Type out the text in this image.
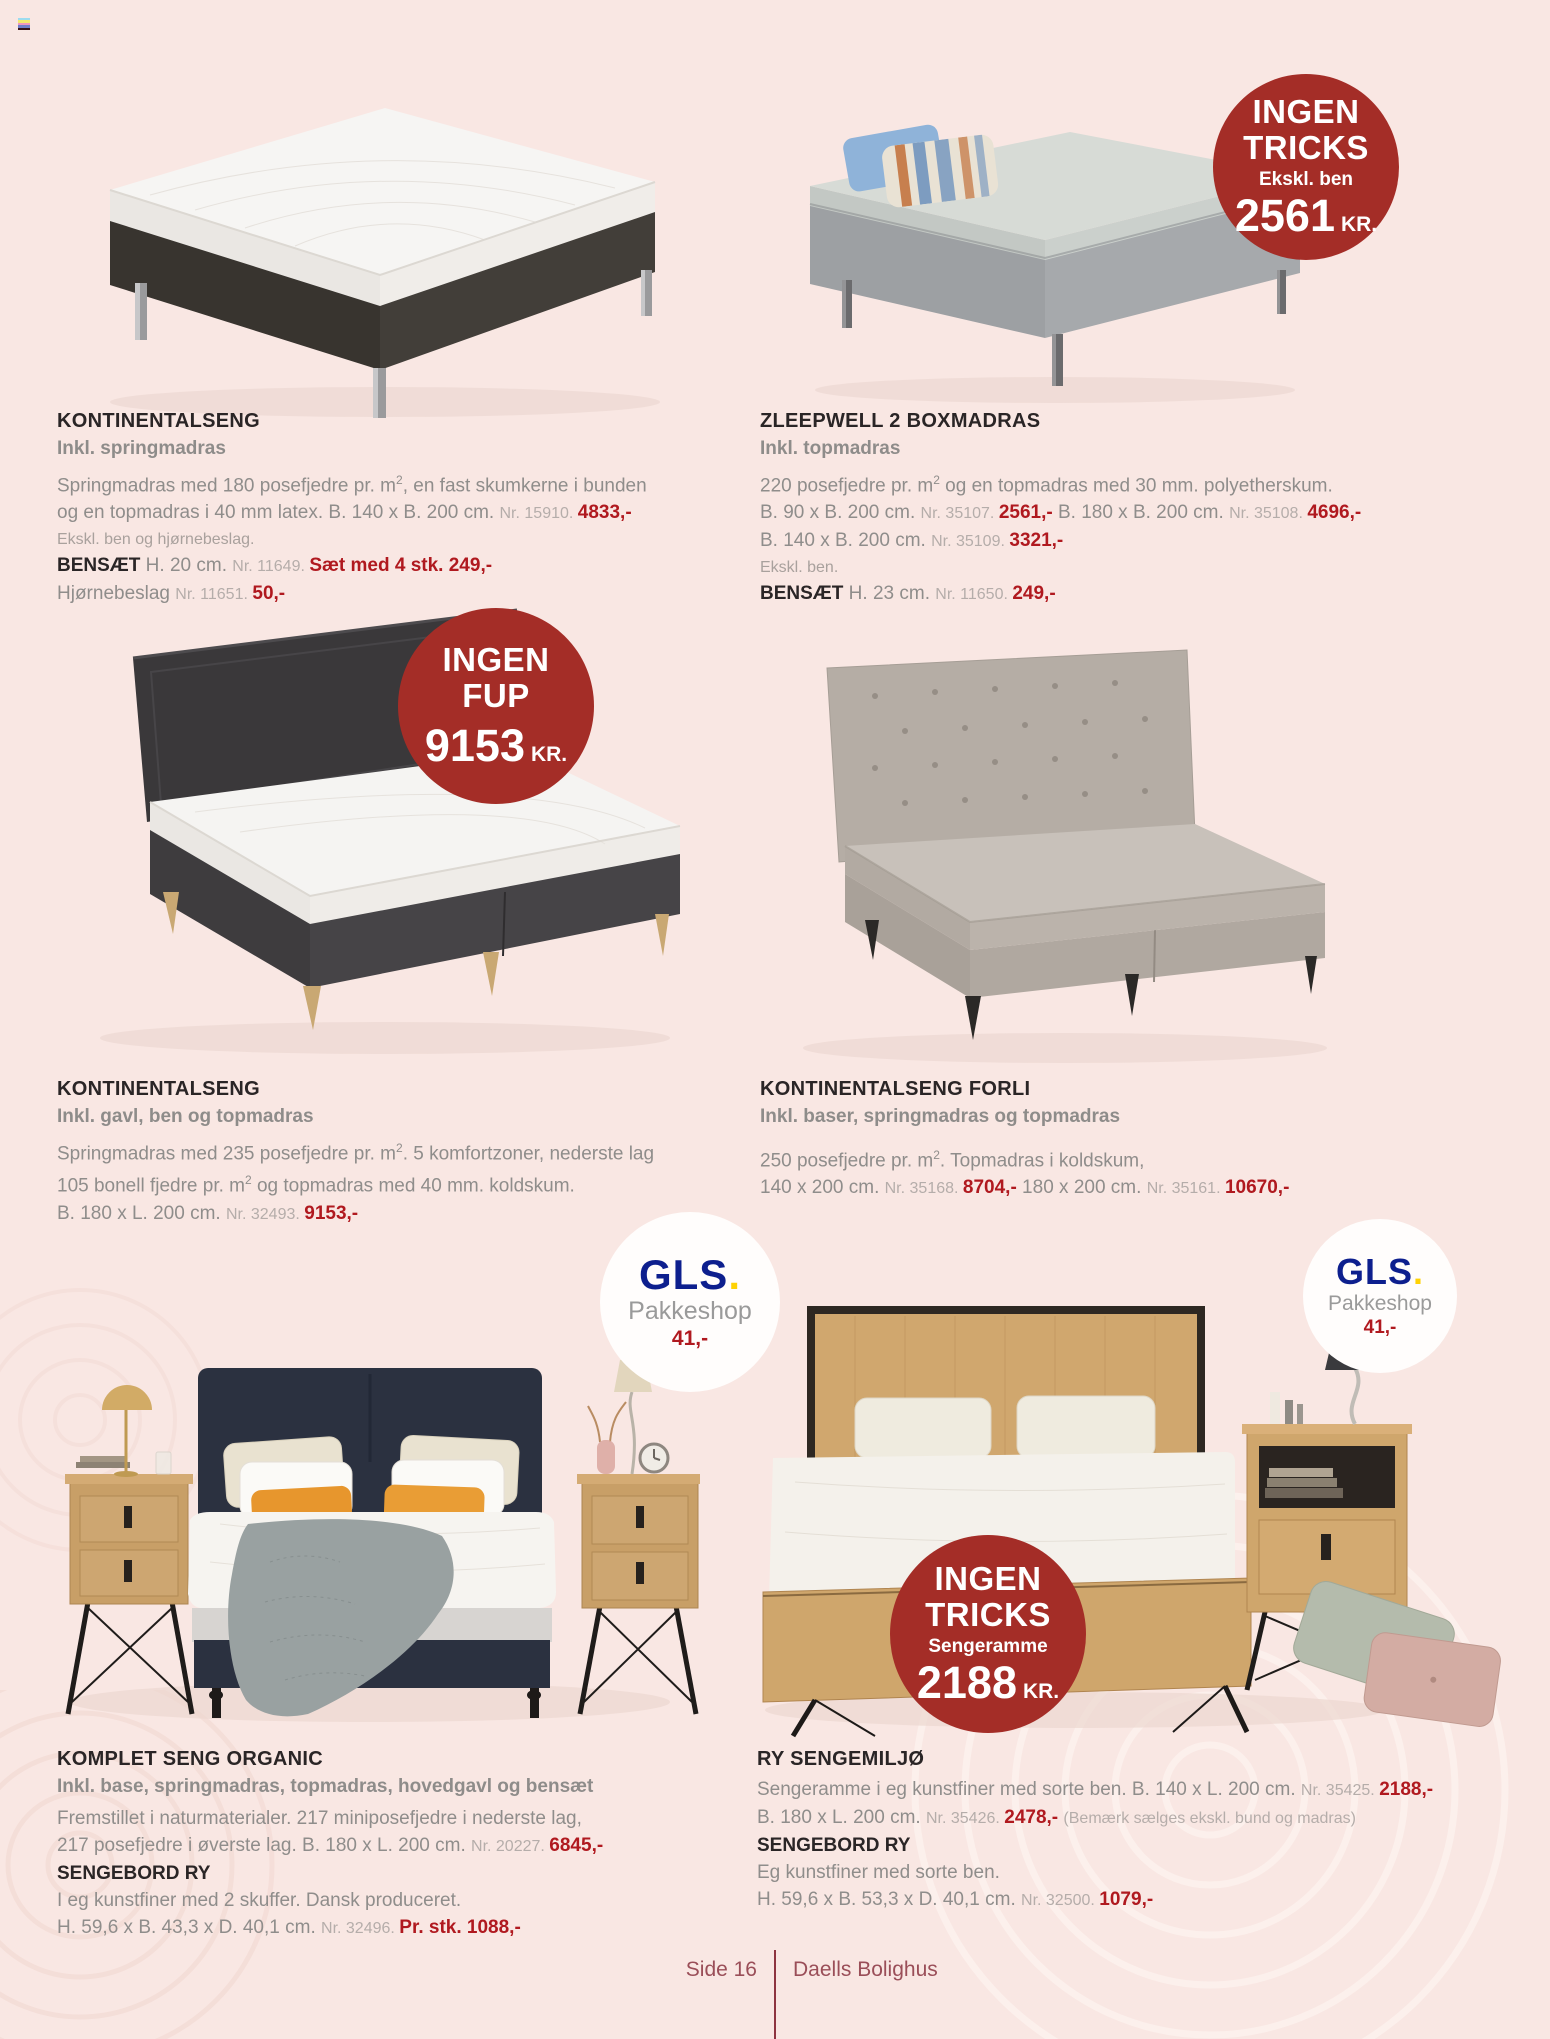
INGEN
TRICKS
Ekskl. ben
2561 KR.
INGEN
FUP
9153 KR.
GLS.
Pakkeshop
41,-
GLS.
Pakkeshop
41,-
INGEN
TRICKS
Sengeramme
2188 KR.
KONTINENTALSENG
Inkl. springmadras

Springmadras med 180 posefjedre pr. $m^2$, en fast skumkerne i bunden

og en topmadras i 40 mm latex. B. 140 x B. 200 cm. Nr. 15910. 4833,-

Ekskl. ben og hjørnebeslag.

BENSÆT H. 20 cm. Nr. 11649. Sæt med 4 stk. 249,-

Hjørnebeslag Nr. 11651. 50,-

ZLEEPWELL 2 BOXMADRAS
Inkl. topmadras

220 posefjedre pr. $m^2$ og en topmadras med 30 mm. polyetherskum.

B. 90 x B. 200 cm. Nr. 35107. 2561,- B. 180 x B. 200 cm. Nr. 35108. 4696,-

B. 140 x B. 200 cm. Nr. 35109. 3321,-

Ekskl. ben.

BENSÆT H. 23 cm. Nr. 11650. 249,-

KONTINENTALSENG
Inkl. gavl, ben og topmadras

Springmadras med 235 posefjedre pr. $m^2$. 5 komfortzoner, nederste lag

105 bonell fjedre pr. $m^2$ og topmadras med 40 mm. koldskum.

B. 180 x L. 200 cm. Nr. 32493. 9153,-

KONTINENTALSENG FORLI
Inkl. baser, springmadras og topmadras

250 posefjedre pr. $m^2$. Topmadras i koldskum,

140 x 200 cm. Nr. 35168. 8704,- 180 x 200 cm. Nr. 35161. 10670,-

KOMPLET SENG ORGANIC
Inkl. base, springmadras, topmadras, hovedgavl og bensæt

Fremstillet i naturmaterialer. 217 miniposefjedre i nederste lag,

217 posefjedre i øverste lag. B. 180 x L. 200 cm. Nr. 20227. 6845,-

SENGEBORD RY

I eg kunstfiner med 2 skuffer. Dansk produceret.

H. 59,6 x B. 43,3 x D. 40,1 cm. Nr. 32496. Pr. stk. 1088,-

RY SENGEMILJØ

Sengeramme i eg kunstfiner med sorte ben. B. 140 x L. 200 cm. Nr. 35425. 2188,-

B. 180 x L. 200 cm. Nr. 35426. 2478,- (Bemærk sælges ekskl. bund og madras)

SENGEBORD RY

Eg kunstfiner med sorte ben.

H. 59,6 x B. 53,3 x D. 40,1 cm. Nr. 32500. 1079,-

Side 16 Daells Bolighus
